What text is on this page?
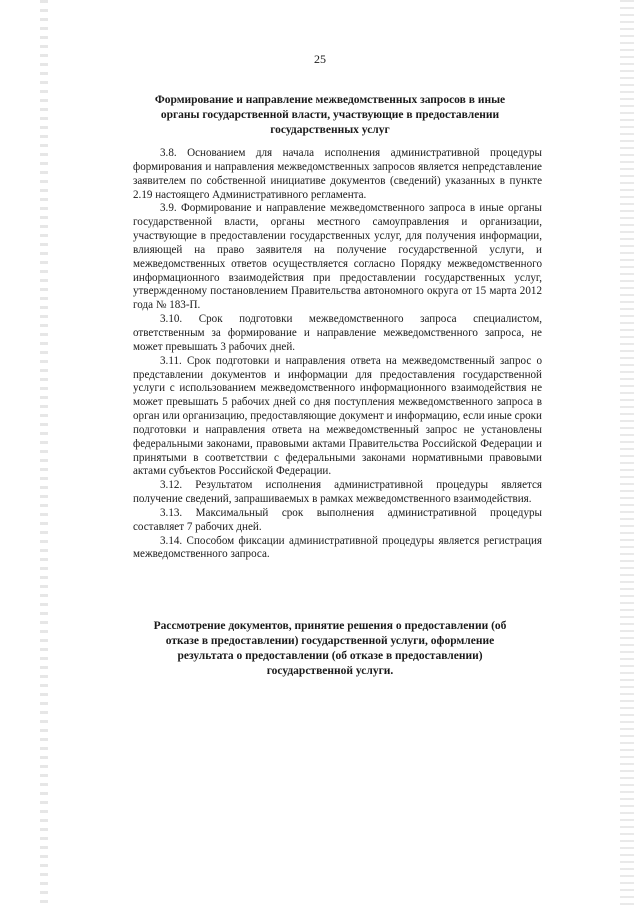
25
Формирование и направление межведомственных запросов в иные органы государственной власти, участвующие в предоставлении государственных услуг

3.8. Основанием для начала исполнения административной процедуры формирования и направления межведомственных запросов является непредставление заявителем по собственной инициативе документов (сведений) указанных в пункте 2.19 настоящего Административного регламента.

3.9. Формирование и направление межведомственного запроса в иные органы государственной власти, органы местного самоуправления и организации, участвующие в предоставлении государственных услуг, для получения информации, влияющей на право заявителя на получение государственной услуги, и межведомственных ответов осуществляется согласно Порядку межведомственного информационного взаимодействия при предоставлении государственных услуг, утвержденному постановлением Правительства автономного округа от 15 марта 2012 года № 183-П.

3.10. Срок подготовки межведомственного запроса специалистом, ответственным за формирование и направление межведомственного запроса, не может превышать 3 рабочих дней.

3.11. Срок подготовки и направления ответа на межведомственный запрос о представлении документов и информации для предоставления государственной услуги с использованием межведомственного информационного взаимодействия не может превышать 5 рабочих дней со дня поступления межведомственного запроса в орган или организацию, предоставляющие документ и информацию, если иные сроки подготовки и направления ответа на межведомственный запрос не установлены федеральными законами, правовыми актами Правительства Российской Федерации и принятыми в соответствии с федеральными законами нормативными правовыми актами субъектов Российской Федерации.

3.12. Результатом исполнения административной процедуры является получение сведений, запрашиваемых в рамках межведомственного взаимодействия.

3.13. Максимальный срок выполнения административной процедуры составляет 7 рабочих дней.

3.14. Способом фиксации административной процедуры является регистрация межведомственного запроса.

Рассмотрение документов, принятие решения о предоставлении (об отказе в предоставлении) государственной услуги, оформление результата о предоставлении (об отказе в предоставлении) государственной услуги.
